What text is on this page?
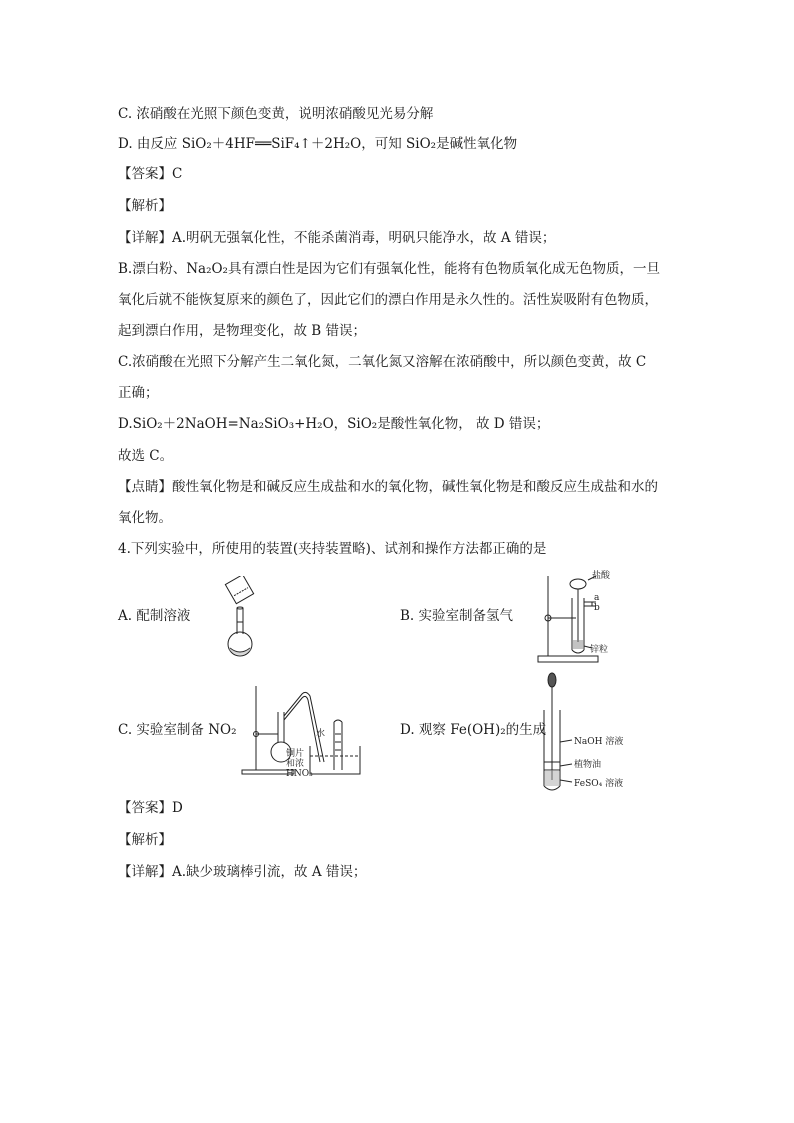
C. 浓硝酸在光照下颜色变黄，说明浓硝酸见光易分解
D. 由反应 SiO₂＋4HF══SiF₄↑＋2H₂O，可知 SiO₂是碱性氧化物
【答案】C
【解析】
【详解】A.明矾无强氧化性，不能杀菌消毒，明矾只能净水，故 A 错误；
B.漂白粉、Na₂O₂具有漂白性是因为它们有强氧化性，能将有色物质氧化成无色物质，一旦
氧化后就不能恢复原来的颜色了，因此它们的漂白作用是永久性的。活性炭吸附有色物质，
起到漂白作用，是物理变化，故 B 错误；
C.浓硝酸在光照下分解产生二氧化氮，二氧化氮又溶解在浓硝酸中，所以颜色变黄，故 C
正确；
D.SiO₂＋2NaOH=Na₂SiO₃+H₂O，SiO₂是酸性氧化物， 故 D 错误；
故选 C。
【点睛】酸性氧化物是和碱反应生成盐和水的氧化物，碱性氧化物是和酸反应生成盐和水的
氧化物。
4.下列实验中，所使用的装置(夹持装置略)、试剂和操作方法都正确的是
A. 配制溶液	B. 实验室制备氢气
C. 实验室制备 NO₂	D. 观察 Fe(OH)₂的生成
盐酸
a
b
锌粒
铜片
和浓
HNO₃
水
NaOH 溶液
植物油
FeSO₄ 溶液
【答案】D
【解析】
【详解】A.缺少玻璃棒引流，故 A 错误；
